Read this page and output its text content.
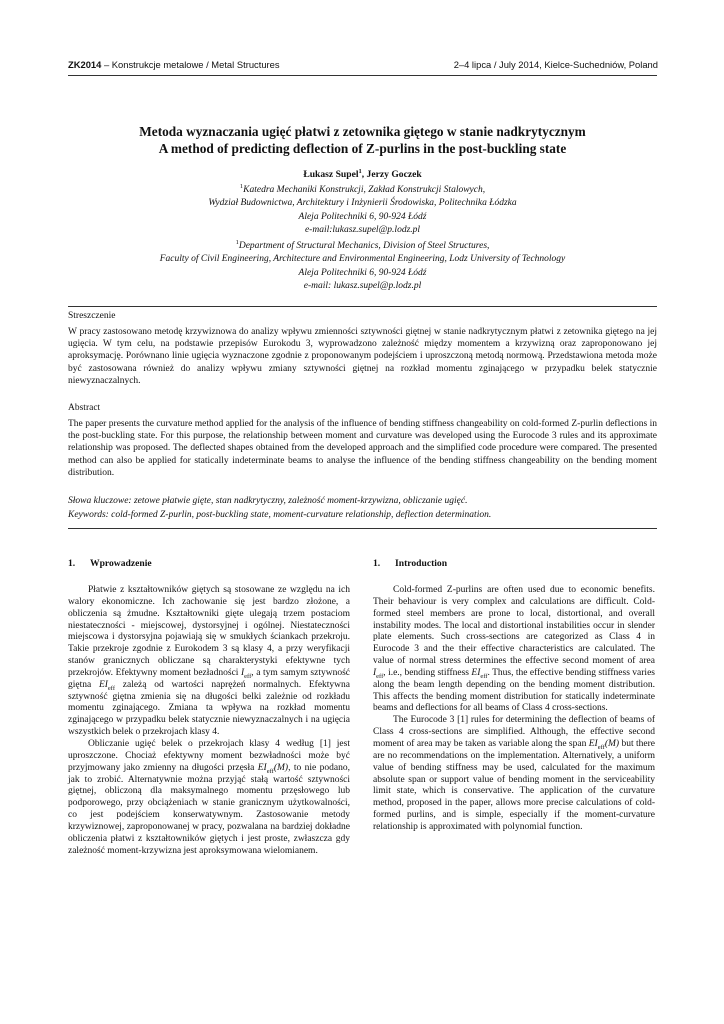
ZK2014 – Konstrukcje metalowe / Metal Structures	2–4 lipca / July 2014, Kielce-Suchedniów, Poland
Metoda wyznaczania ugięć płatwi z zetownika giętego w stanie nadkrytycznym
A method of predicting deflection of Z-purlins in the post-buckling state
Łukasz Supel$^1$, Jerzy Goczek
$^1$Katedra Mechaniki Konstrukcji, Zakład Konstrukcji Stalowych,
Wydział Budownictwa, Architektury i Inżynierii Środowiska, Politechnika Łódzka
Aleja Politechniki 6, 90-924 Łódź
e-mail:lukasz.supel@p.lodz.pl
$^1$Department of Structural Mechanics, Division of Steel Structures,
Faculty of Civil Engineering, Architecture and Environmental Engineering, Lodz University of Technology
Aleja Politechniki 6, 90-924 Łódź
e-mail: lukasz.supel@p.lodz.pl
Streszczenie

W pracy zastosowano metodę krzywiznowa do analizy wpływu zmienności sztywności giętnej w stanie nadkrytycznym płatwi z zetownika giętego na jej ugięcia. W tym celu, na podstawie przepisów Eurokodu 3, wyprowadzono zależność między momentem a krzywizną oraz zaproponowano jej aproksymację. Porównano linie ugięcia wyznaczone zgodnie z proponowanym podejściem i uproszczoną metodą normową. Przedstawiona metoda może być zastosowana również do analizy wpływu zmiany sztywności giętnej na rozkład momentu zginającego w przypadku belek statycznie niewyznaczalnych.

Abstract

The paper presents the curvature method applied for the analysis of the influence of bending stiffness changeability on cold-formed Z-purlin deflections in the post-buckling state. For this purpose, the relationship between moment and curvature was developed using the Eurocode 3 rules and its approximate relationship was proposed. The deflected shapes obtained from the developed approach and the simplified code procedure were compared. The presented method can also be applied for statically indeterminate beams to analyse the influence of the bending stiffness changeability on the bending moment distribution.

Słowa kluczowe: zetowe płatwie gięte, stan nadkrytyczny, zależność moment-krzywizna, obliczanie ugięć.

Keywords: cold-formed Z-purlin, post-buckling state, moment-curvature relationship, deflection determination.

1. Wprowadzenie

Płatwie z kształtowników giętych są stosowane ze względu na ich walory ekonomiczne. Ich zachowanie się jest bardzo złożone, a obliczenia są żmudne. Kształtowniki gięte ulegają trzem postaciom niestateczności - miejscowej, dystorsyjnej i ogólnej. Niestateczności miejscowa i dystorsyjna pojawiają się w smukłych ściankach przekroju. Takie przekroje zgodnie z Eurokodem 3 są klasy 4, a przy weryfikacji stanów granicznych obliczane są charakterystyki efektywne tych przekrojów. Efektywny moment bezładności $I_{eff}$, a tym samym sztywność giętna $EI_{eff}$ zależą od wartości naprężeń normalnych. Efektywna sztywność giętna zmienia się na długości belki zależnie od rozkładu momentu zginającego. Zmiana ta wpływa na rozkład momentu zginającego w przypadku belek statycznie niewyznaczalnych i na ugięcia wszystkich belek o przekrojach klasy 4.

Obliczanie ugięć belek o przekrojach klasy 4 według [1] jest uproszczone. Chociaż efektywny moment bezwładności może być przyjmowany jako zmienny na długości przęsła $EI_{eff}(M)$, to nie podano, jak to zrobić. Alternatywnie można przyjąć stałą wartość sztywności giętnej, obliczoną dla maksymalnego momentu przęsłowego lub podporowego, przy obciążeniach w stanie granicznym użytkowalności, co jest podejściem konserwatywnym. Zastosowanie metody krzywiznowej, zaproponowanej w pracy, pozwalana na bardziej dokładne obliczenia płatwi z kształtowników giętych i jest proste, zwłaszcza gdy zależność moment-krzywizna jest aproksymowana wielomianem.

1. Introduction

Cold-formed Z-purlins are often used due to economic benefits. Their behaviour is very complex and calculations are difficult. Cold-formed steel members are prone to local, distortional, and overall instability modes. The local and distortional instabilities occur in slender plate elements. Such cross-sections are categorized as Class 4 in Eurocode 3 and the their effective characteristics are calculated. The value of normal stress determines the effective second moment of area $I_{eff}$, i.e., bending stiffness $EI_{eff}$. Thus, the effective bending stiffness varies along the beam length depending on the bending moment distribution. This affects the bending moment distribution for statically indeterminate beams and deflections for all beams of Class 4 cross-sections.

The Eurocode 3 [1] rules for determining the deflection of beams of Class 4 cross-sections are simplified. Although, the effective second moment of area may be taken as variable along the span $EI_{eff}(M)$ but there are no recommendations on the implementation. Alternatively, a uniform value of bending stiffness may be used, calculated for the maximum absolute span or support value of bending moment in the serviceability limit state, which is conservative. The application of the curvature method, proposed in the paper, allows more precise calculations of cold-formed purlins, and is simple, especially if the moment-curvature relationship is approximated with polynomial function.
